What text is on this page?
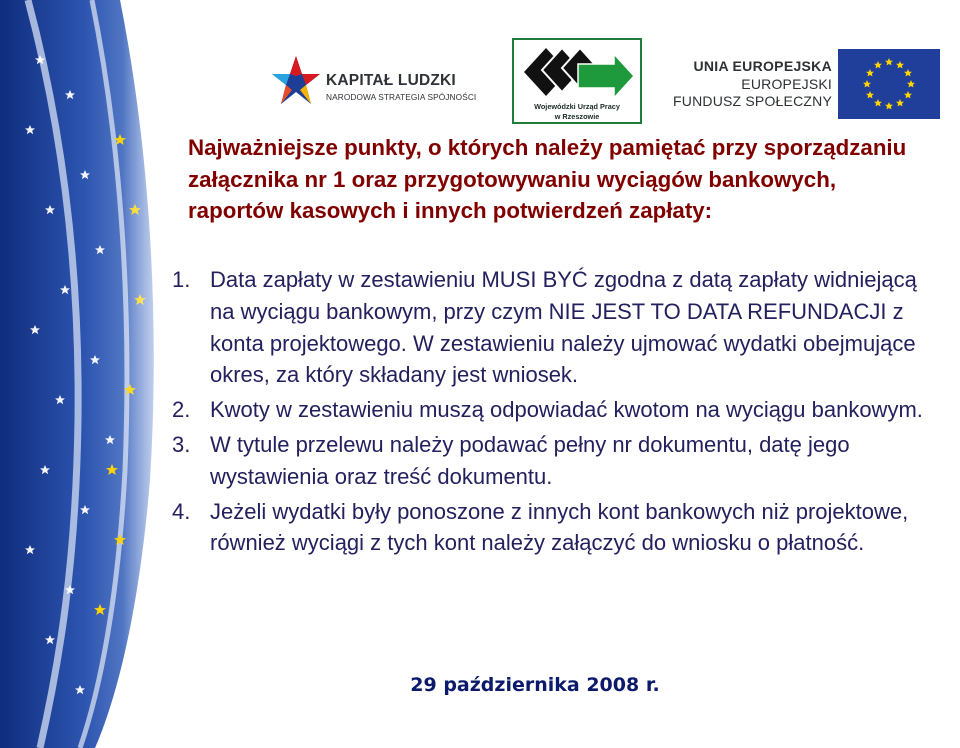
KAPITAŁ LUDZKI
NARODOWA STRATEGIA SPÓJNOŚCI
Wojewódzki Urząd Pracy
w Rzeszowie
UNIA EUROPEJSKA
EUROPEJSKI
FUNDUSZ SPOŁECZNY
Najważniejsze punkty, o których należy pamiętać przy sporządzaniu załącznika nr 1 oraz przygotowywaniu wyciągów bankowych, raportów kasowych i innych potwierdzeń zapłaty:
1. Data zapłaty w zestawieniu MUSI BYĆ zgodna z datą zapłaty widniejącą na wyciągu bankowym, przy czym NIE JEST TO DATA REFUNDACJI z konta projektowego. W zestawieniu należy ujmować wydatki obejmujące okres, za który składany jest wniosek.
2. Kwoty w zestawieniu muszą odpowiadać kwotom na wyciągu bankowym.
3. W tytule przelewu należy podawać pełny nr dokumentu, datę jego wystawienia oraz treść dokumentu.
4. Jeżeli wydatki były ponoszone z innych kont bankowych niż projektowe, również wyciągi z tych kont należy załączyć do wniosku o płatność.
29 października 2008 r.
